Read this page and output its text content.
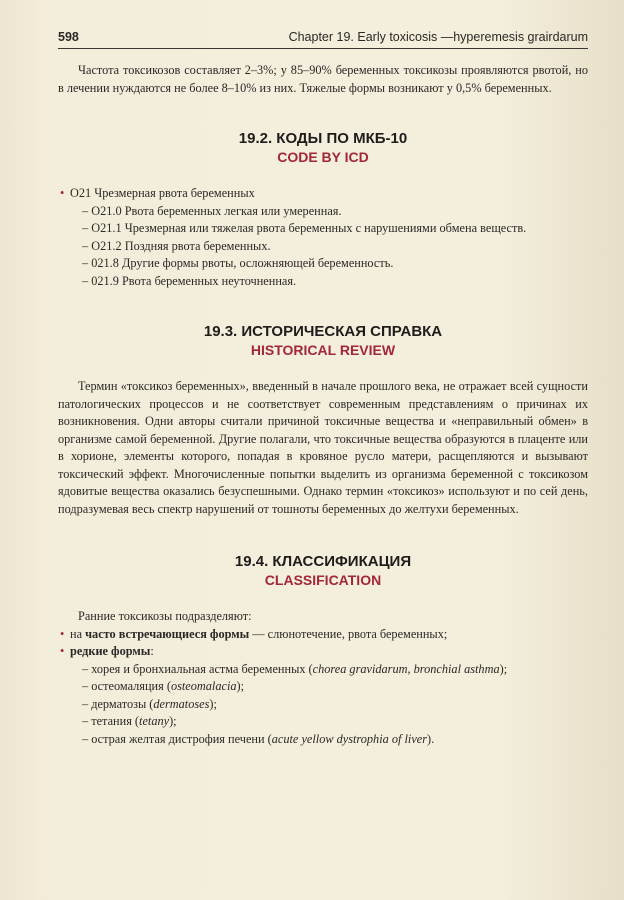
598	Chapter 19. Early toxicosis —hyperemesis grairdarum

Частота токсикозов составляет 2–3%; у 85–90% беременных токсикозы проявляются рвотой, но в лечении нуждаются не более 8–10% из них. Тяжелые формы возникают у 0,5% беременных.

19.2. КОДЫ ПО МКБ-10
CODE BY ICD
• O21 Чрезмерная рвота беременных
– O21.0 Рвота беременных легкая или умеренная.
– O21.1 Чрезмерная или тяжелая рвота беременных с нарушениями обмена веществ.
– O21.2 Поздняя рвота беременных.
– 021.8 Другие формы рвоты, осложняющей беременность.
– 021.9 Рвота беременных неуточненная.
19.3. ИСТОРИЧЕСКАЯ СПРАВКА
HISTORICAL REVIEW

Термин «токсикоз беременных», введенный в начале прошлого века, не отражает всей сущности патологических процессов и не соответствует современным представлениям о причинах их возникновения. Одни авторы считали причиной токсичные вещества и «неправильный обмен» в организме самой беременной. Другие полагали, что токсичные вещества образуются в плаценте или в хорионе, элементы которого, попадая в кровяное русло матери, расщепляются и вызывают токсический эффект. Многочисленные попытки выделить из организма беременной с токсикозом ядовитые вещества оказались безуспешными. Однако термин «токсикоз» используют и по сей день, подразумевая весь спектр нарушений от тошноты беременных до желтухи беременных.

19.4. КЛАССИФИКАЦИЯ
CLASSIFICATION
Ранние токсикозы подразделяют:
• на часто встречающиеся формы — слюнотечение, рвота беременных;
• редкие формы:
– хорея и бронхиальная астма беременных (chorea gravidarum, bronchial asthma);
– остеомаляция (osteomalacia);
– дерматозы (dermatoses);
– тетания (tetany);
– острая желтая дистрофия печени (acute yellow dystrophia of liver).
